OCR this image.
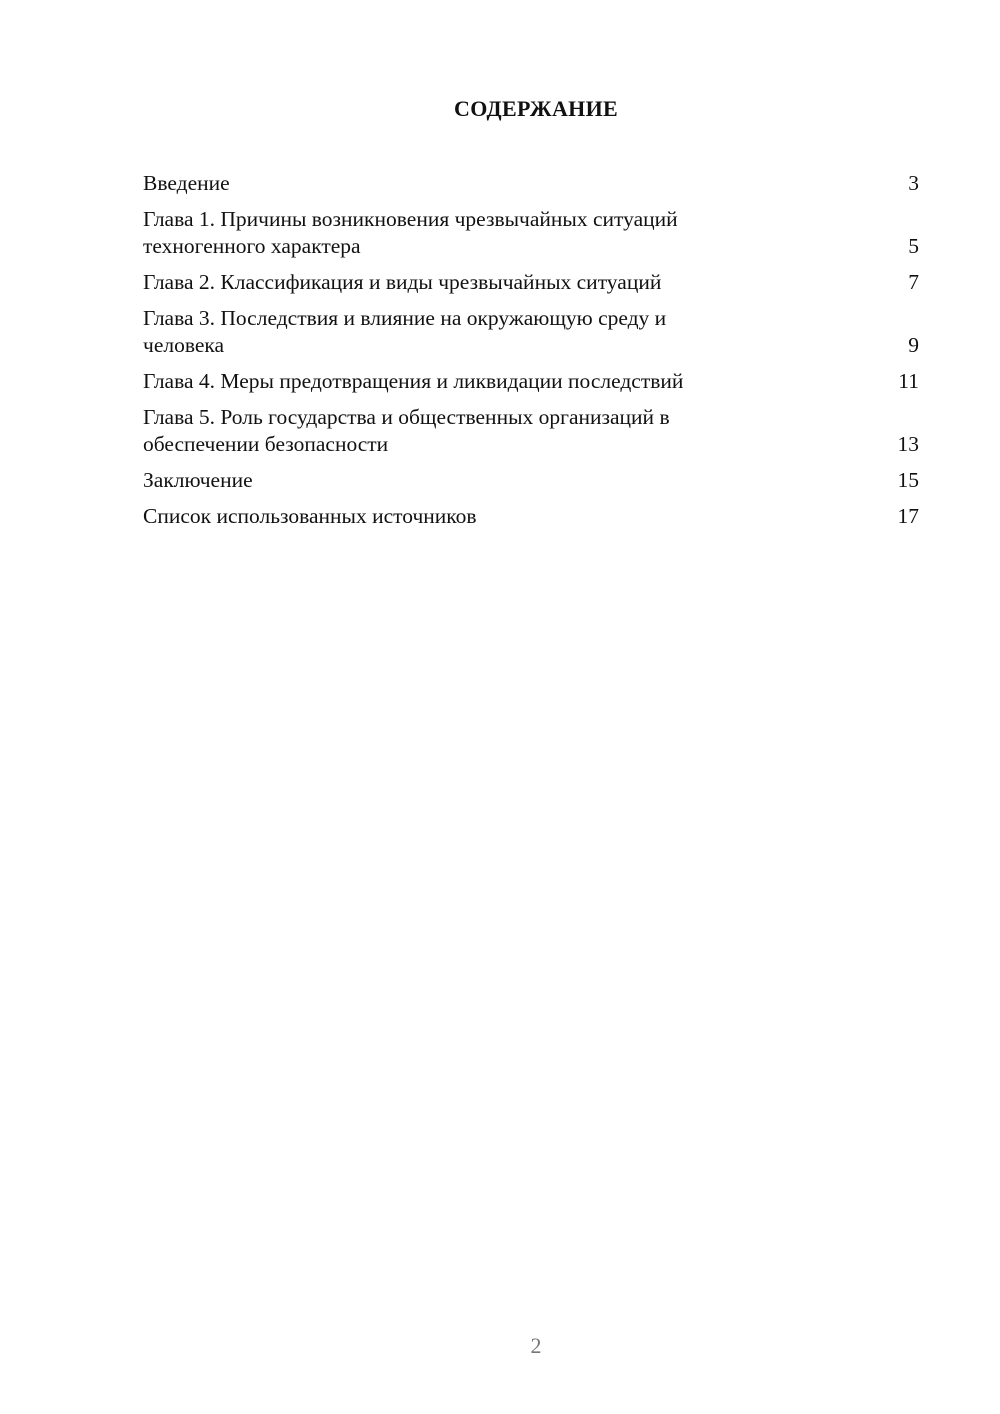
СОДЕРЖАНИЕ
Введение	3
Глава 1. Причины возникновения чрезвычайных ситуаций
техногенного характера	5
Глава 2. Классификация и виды чрезвычайных ситуаций	7
Глава 3. Последствия и влияние на окружающую среду и
человека	9
Глава 4. Меры предотвращения и ликвидации последствий	11
Глава 5. Роль государства и общественных организаций в
обеспечении безопасности	13
Заключение	15
Список использованных источников	17
2
